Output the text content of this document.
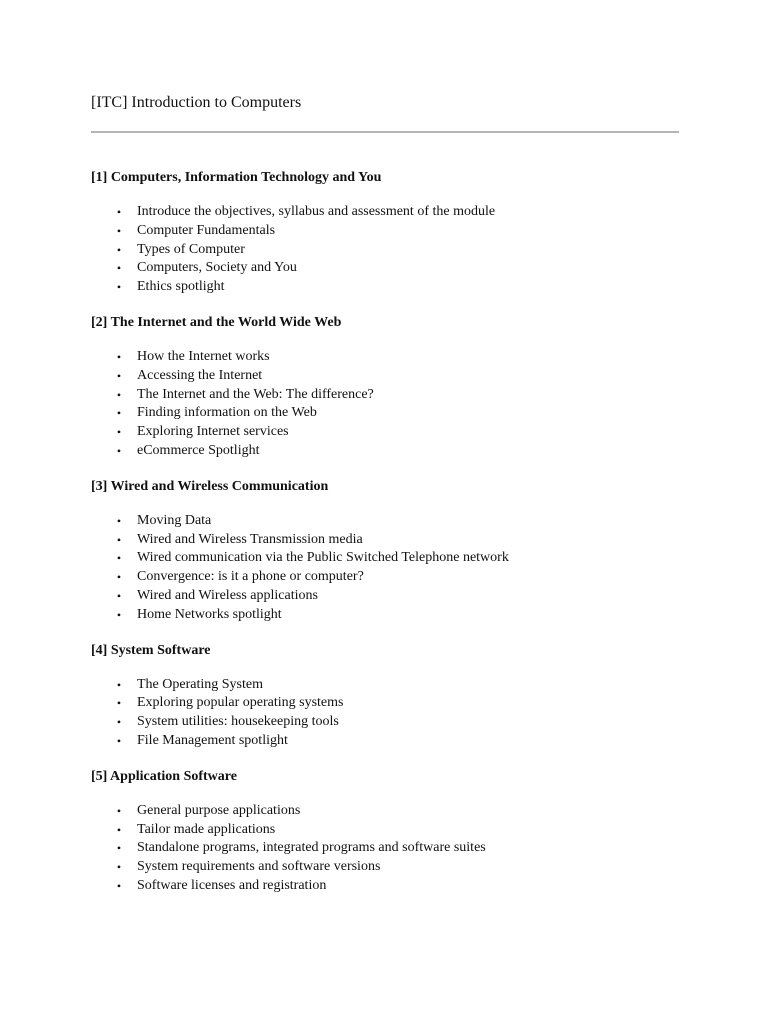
[ITC] Introduction to Computers
[1] Computers, Information Technology and You
• Introduce the objectives, syllabus and assessment of the module
• Computer Fundamentals
• Types of Computer
• Computers, Society and You
• Ethics spotlight
[2] The Internet and the World Wide Web
• How the Internet works
• Accessing the Internet
• The Internet and the Web: The difference?
• Finding information on the Web
• Exploring Internet services
• eCommerce Spotlight
[3] Wired and Wireless Communication
• Moving Data
• Wired and Wireless Transmission media
• Wired communication via the Public Switched Telephone network
• Convergence: is it a phone or computer?
• Wired and Wireless applications
• Home Networks spotlight
[4] System Software
• The Operating System
• Exploring popular operating systems
• System utilities: housekeeping tools
• File Management spotlight
[5] Application Software
• General purpose applications
• Tailor made applications
• Standalone programs, integrated programs and software suites
• System requirements and software versions
• Software licenses and registration
